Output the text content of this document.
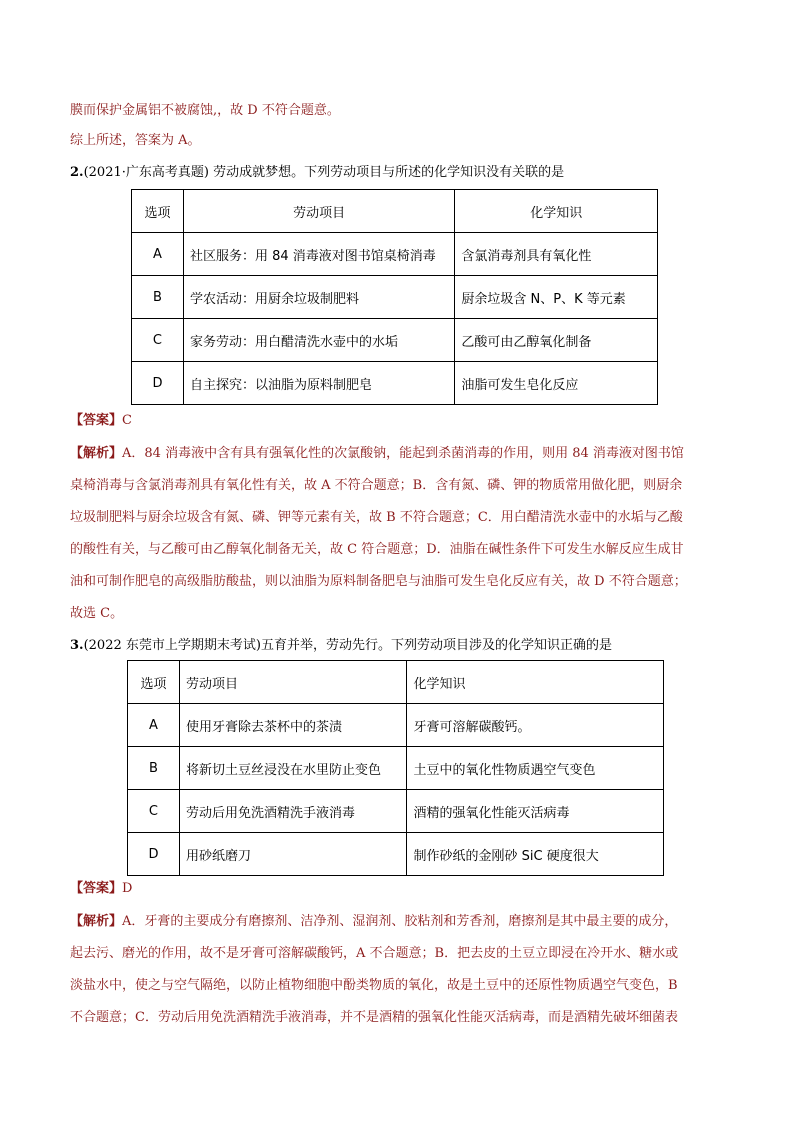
膜而保护金属铝不被腐蚀,，故 D 不符合题意。
综上所述，答案为 A。
2.(2021·广东高考真题) 劳动成就梦想。下列劳动项目与所述的化学知识没有关联的是
选项	劳动项目	化学知识
A	社区服务：用 84 消毒液对图书馆桌椅消毒	含氯消毒剂具有氧化性
B	学农活动：用厨余垃圾制肥料	厨余垃圾含 N、P、K 等元素
C	家务劳动：用白醋清洗水壶中的水垢	乙酸可由乙醇氧化制备
D	自主探究：以油脂为原料制肥皂	油脂可发生皂化反应
【答案】C
【解析】A．84 消毒液中含有具有强氧化性的次氯酸钠，能起到杀菌消毒的作用，则用 84 消毒液对图书馆
桌椅消毒与含氯消毒剂具有氧化性有关，故 A 不符合题意；B．含有氮、磷、钾的物质常用做化肥，则厨余
垃圾制肥料与厨余垃圾含有氮、磷、钾等元素有关，故 B 不符合题意；C．用白醋清洗水壶中的水垢与乙酸
的酸性有关，与乙酸可由乙醇氧化制备无关，故 C 符合题意；D．油脂在碱性条件下可发生水解反应生成甘
油和可制作肥皂的高级脂肪酸盐，则以油脂为原料制备肥皂与油脂可发生皂化反应有关，故 D 不符合题意；
故选 C。
3.(2022 东莞市上学期期末考试)五育并举，劳动先行。下列劳动项目涉及的化学知识正确的是
选项	劳动项目	化学知识
A	使用牙膏除去茶杯中的茶渍	牙膏可溶解碳酸钙。
B	将新切土豆丝浸没在水里防止变色	土豆中的氧化性物质遇空气变色
C	劳动后用免洗酒精洗手液消毒	酒精的强氧化性能灭活病毒
D	用砂纸磨刀	制作砂纸的金刚砂 SiC 硬度很大
【答案】D
【解析】A．牙膏的主要成分有磨擦剂、洁净剂、湿润剂、胶粘剂和芳香剂，磨擦剂是其中最主要的成分，
起去污、磨光的作用，故不是牙膏可溶解碳酸钙，A 不合题意；B．把去皮的土豆立即浸在冷开水、糖水或
淡盐水中，使之与空气隔绝，以防止植物细胞中酚类物质的氧化，故是土豆中的还原性物质遇空气变色，B
不合题意；C．劳动后用免洗酒精洗手液消毒，并不是酒精的强氧化性能灭活病毒，而是酒精先破坏细菌表
